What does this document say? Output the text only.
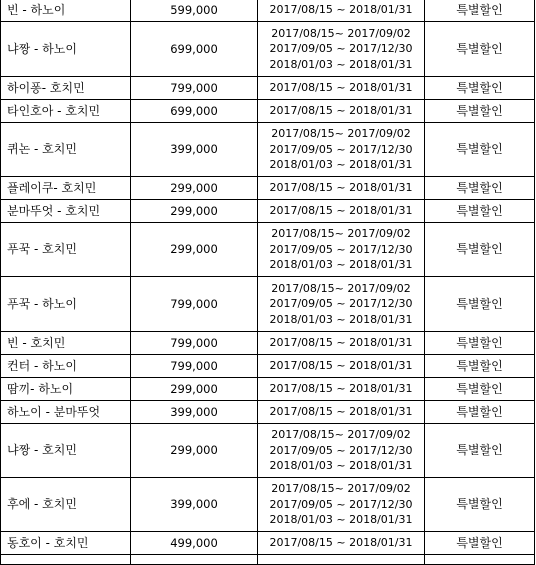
빈 - 하노이	599,000	2017/08/15 ~ 2018/01/31	특별할인
냐짱 - 하노이	699,000	2017/08/15~ 2017/09/02
2017/09/05 ~ 2017/12/30
2018/01/03 ~ 2018/01/31	특별할인
하이퐁- 호치민	799,000	2017/08/15 ~ 2018/01/31	특별할인
타인호아 - 호치민	699,000	2017/08/15 ~ 2018/01/31	특별할인
퀴논 - 호치민	399,000	2017/08/15~ 2017/09/02
2017/09/05 ~ 2017/12/30
2018/01/03 ~ 2018/01/31	특별할인
플레이쿠- 호치민	299,000	2017/08/15 ~ 2018/01/31	특별할인
분마뚜엇 - 호치민	299,000	2017/08/15 ~ 2018/01/31	특별할인
푸꾹 - 호치민	299,000	2017/08/15~ 2017/09/02
2017/09/05 ~ 2017/12/30
2018/01/03 ~ 2018/01/31	특별할인
푸꾹 - 하노이	799,000	2017/08/15~ 2017/09/02
2017/09/05 ~ 2017/12/30
2018/01/03 ~ 2018/01/31	특별할인
빈 - 호치민	799,000	2017/08/15 ~ 2018/01/31	특별할인
컨터 - 하노이	799,000	2017/08/15 ~ 2018/01/31	특별할인
땀끼- 하노이	299,000	2017/08/15 ~ 2018/01/31	특별할인
하노이 - 분마뚜엇	399,000	2017/08/15 ~ 2018/01/31	특별할인
냐짱 - 호치민	299,000	2017/08/15~ 2017/09/02
2017/09/05 ~ 2017/12/30
2018/01/03 ~ 2018/01/31	특별할인
후에 - 호치민	399,000	2017/08/15~ 2017/09/02
2017/09/05 ~ 2017/12/30
2018/01/03 ~ 2018/01/31	특별할인
동호이 - 호치민	499,000	2017/08/15 ~ 2018/01/31	특별할인
